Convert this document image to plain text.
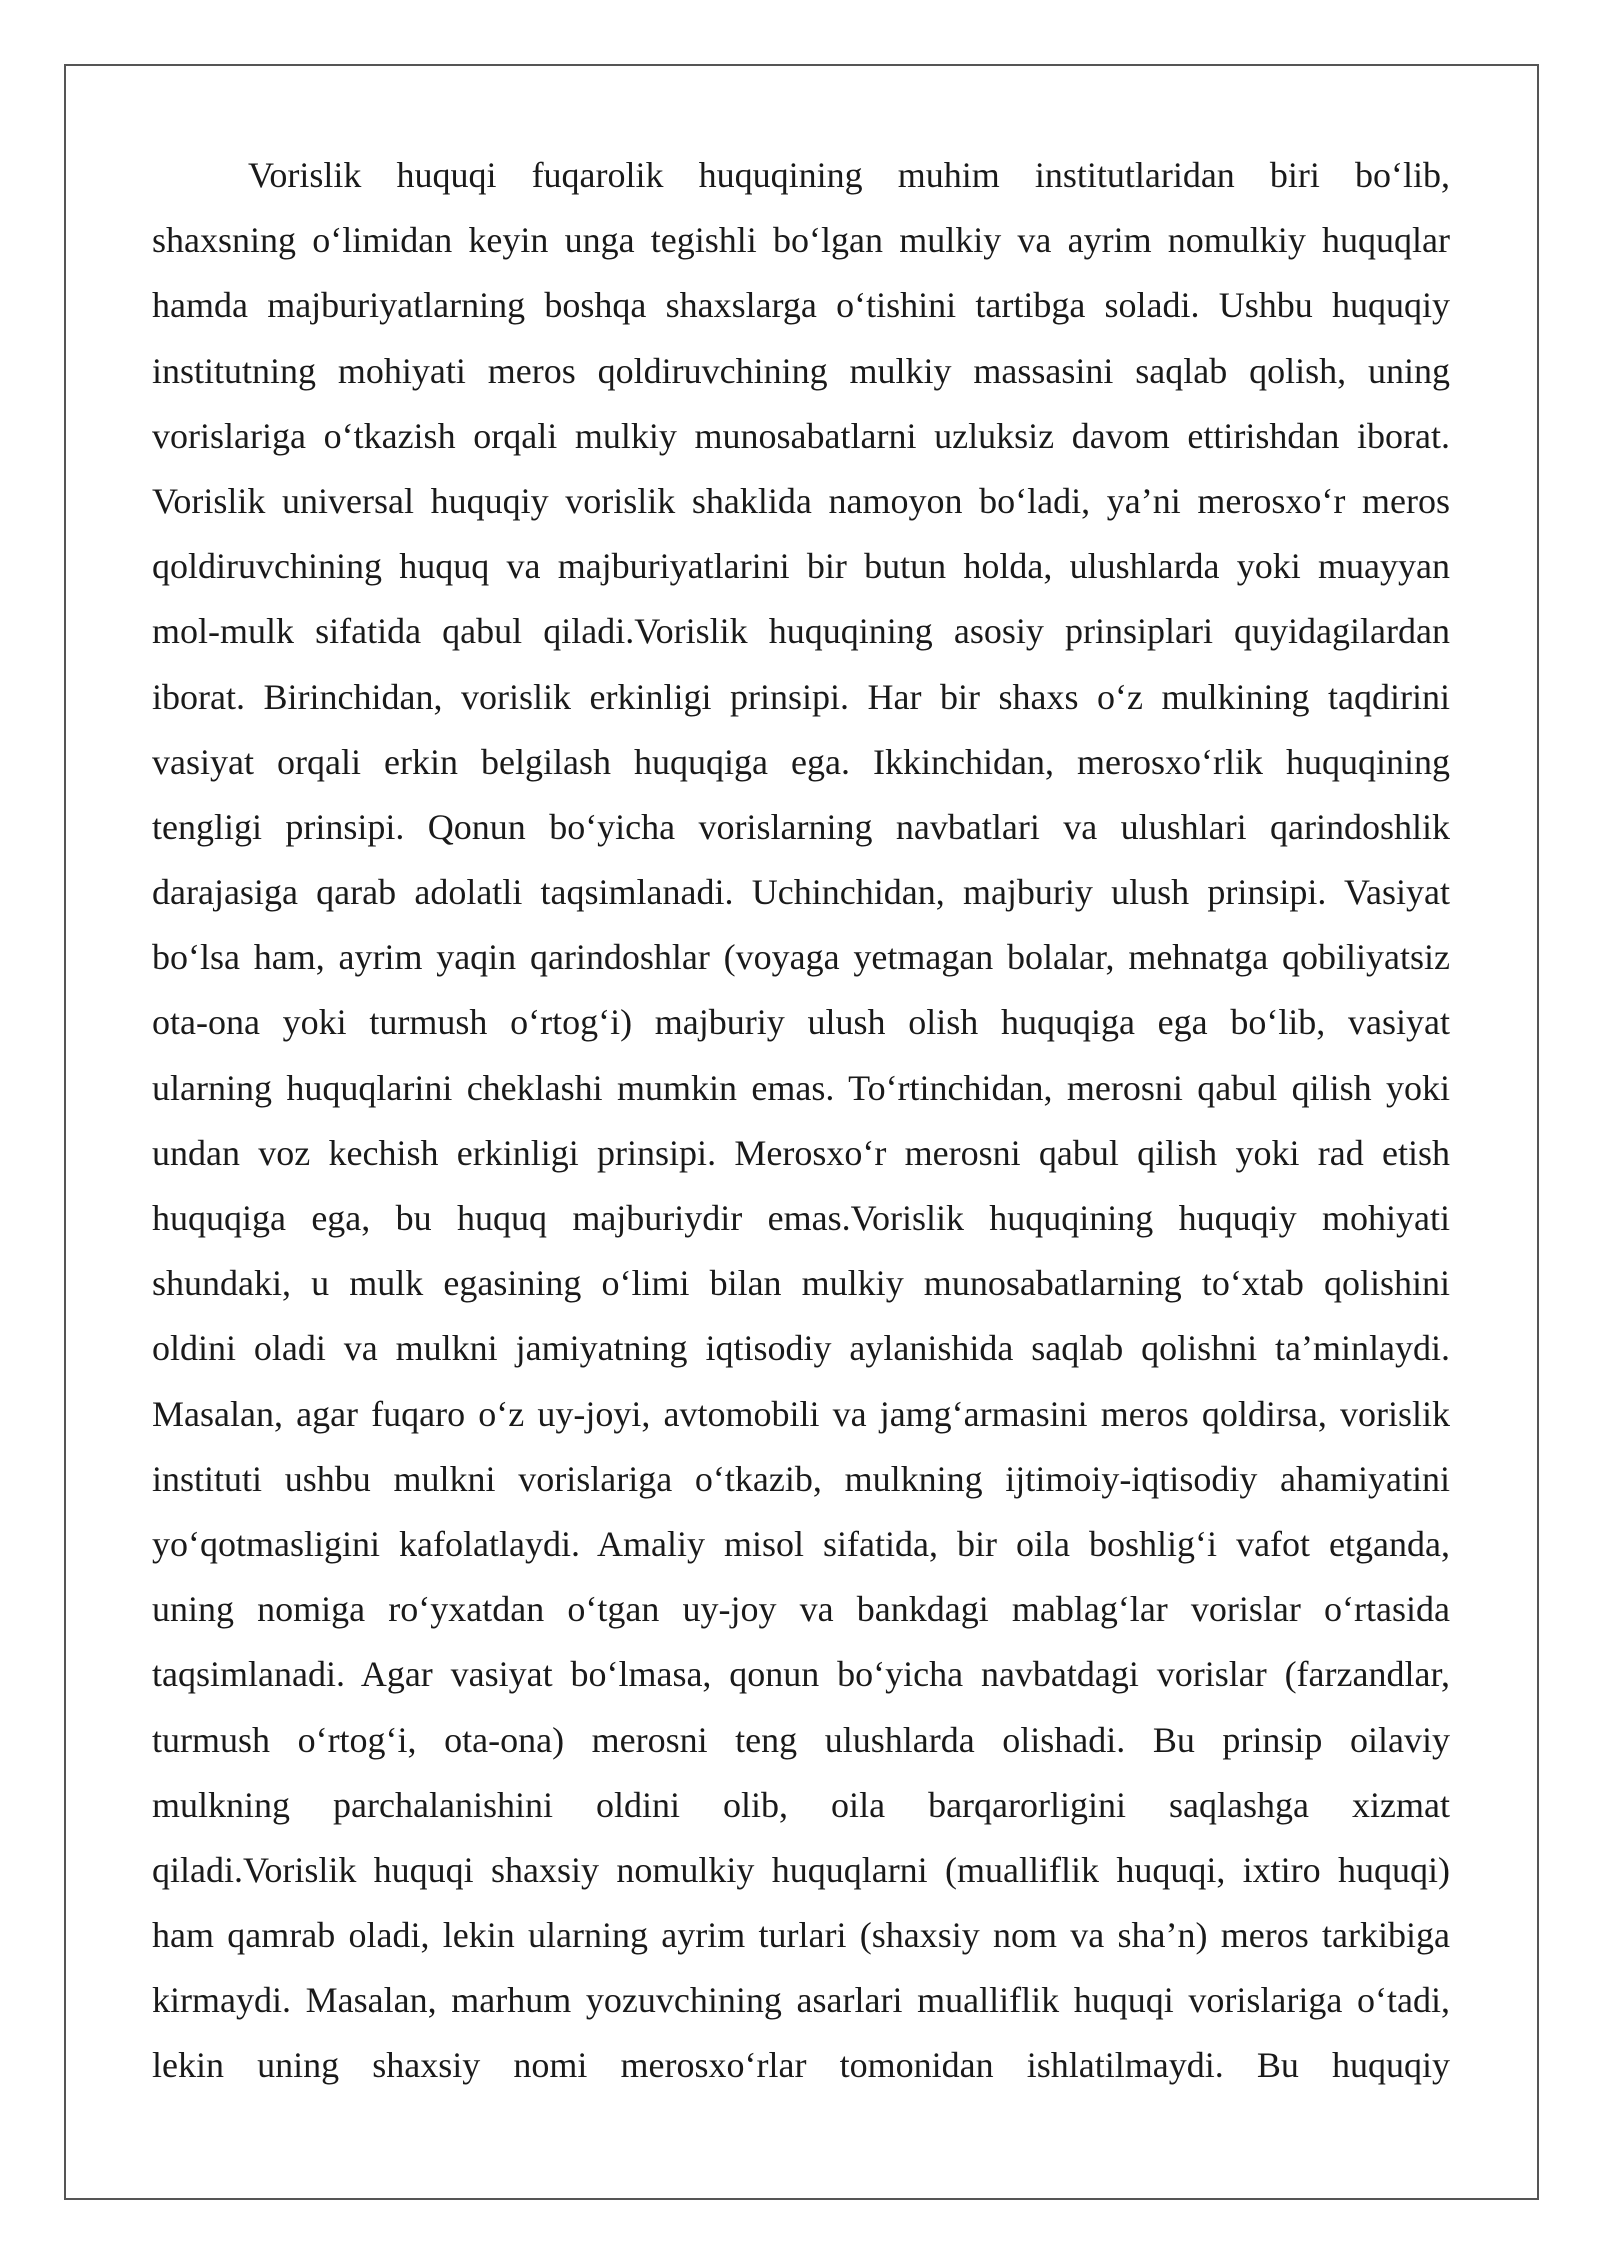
Vorislik huquqi fuqarolik huquqining muhim institutlaridan biri bo‘lib,
shaxsning o‘limidan keyin unga tegishli bo‘lgan mulkiy va ayrim nomulkiy huquqlar
hamda majburiyatlarning boshqa shaxslarga o‘tishini tartibga soladi. Ushbu huquqiy
institutning mohiyati meros qoldiruvchining mulkiy massasini saqlab qolish, uning
vorislariga o‘tkazish orqali mulkiy munosabatlarni uzluksiz davom ettirishdan iborat.
Vorislik universal huquqiy vorislik shaklida namoyon bo‘ladi, ya’ni merosxo‘r meros
qoldiruvchining huquq va majburiyatlarini bir butun holda, ulushlarda yoki muayyan
mol-mulk sifatida qabul qiladi.Vorislik huquqining asosiy prinsiplari quyidagilardan
iborat. Birinchidan, vorislik erkinligi prinsipi. Har bir shaxs o‘z mulkining taqdirini
vasiyat orqali erkin belgilash huquqiga ega. Ikkinchidan, merosxo‘rlik huquqining
tengligi prinsipi. Qonun bo‘yicha vorislarning navbatlari va ulushlari qarindoshlik
darajasiga qarab adolatli taqsimlanadi. Uchinchidan, majburiy ulush prinsipi. Vasiyat
bo‘lsa ham, ayrim yaqin qarindoshlar (voyaga yetmagan bolalar, mehnatga qobiliyatsiz
ota-ona yoki turmush o‘rtog‘i) majburiy ulush olish huquqiga ega bo‘lib, vasiyat
ularning huquqlarini cheklashi mumkin emas. To‘rtinchidan, merosni qabul qilish yoki
undan voz kechish erkinligi prinsipi. Merosxo‘r merosni qabul qilish yoki rad etish
huquqiga ega, bu huquq majburiydir emas.Vorislik huquqining huquqiy mohiyati
shundaki, u mulk egasining o‘limi bilan mulkiy munosabatlarning to‘xtab qolishini
oldini oladi va mulkni jamiyatning iqtisodiy aylanishida saqlab qolishni ta’minlaydi.
Masalan, agar fuqaro o‘z uy-joyi, avtomobili va jamg‘armasini meros qoldirsa, vorislik
instituti ushbu mulkni vorislariga o‘tkazib, mulkning ijtimoiy-iqtisodiy ahamiyatini
yo‘qotmasligini kafolatlaydi. Amaliy misol sifatida, bir oila boshlig‘i vafot etganda,
uning nomiga ro‘yxatdan o‘tgan uy-joy va bankdagi mablag‘lar vorislar o‘rtasida
taqsimlanadi. Agar vasiyat bo‘lmasa, qonun bo‘yicha navbatdagi vorislar (farzandlar,
turmush o‘rtog‘i, ota-ona) merosni teng ulushlarda olishadi. Bu prinsip oilaviy
mulkning parchalanishini oldini olib, oila barqarorligini saqlashga xizmat
qiladi.Vorislik huquqi shaxsiy nomulkiy huquqlarni (mualliflik huquqi, ixtiro huquqi)
ham qamrab oladi, lekin ularning ayrim turlari (shaxsiy nom va sha’n) meros tarkibiga
kirmaydi. Masalan, marhum yozuvchining asarlari mualliflik huquqi vorislariga o‘tadi,
lekin uning shaxsiy nomi merosxo‘rlar tomonidan ishlatilmaydi. Bu huquqiy
